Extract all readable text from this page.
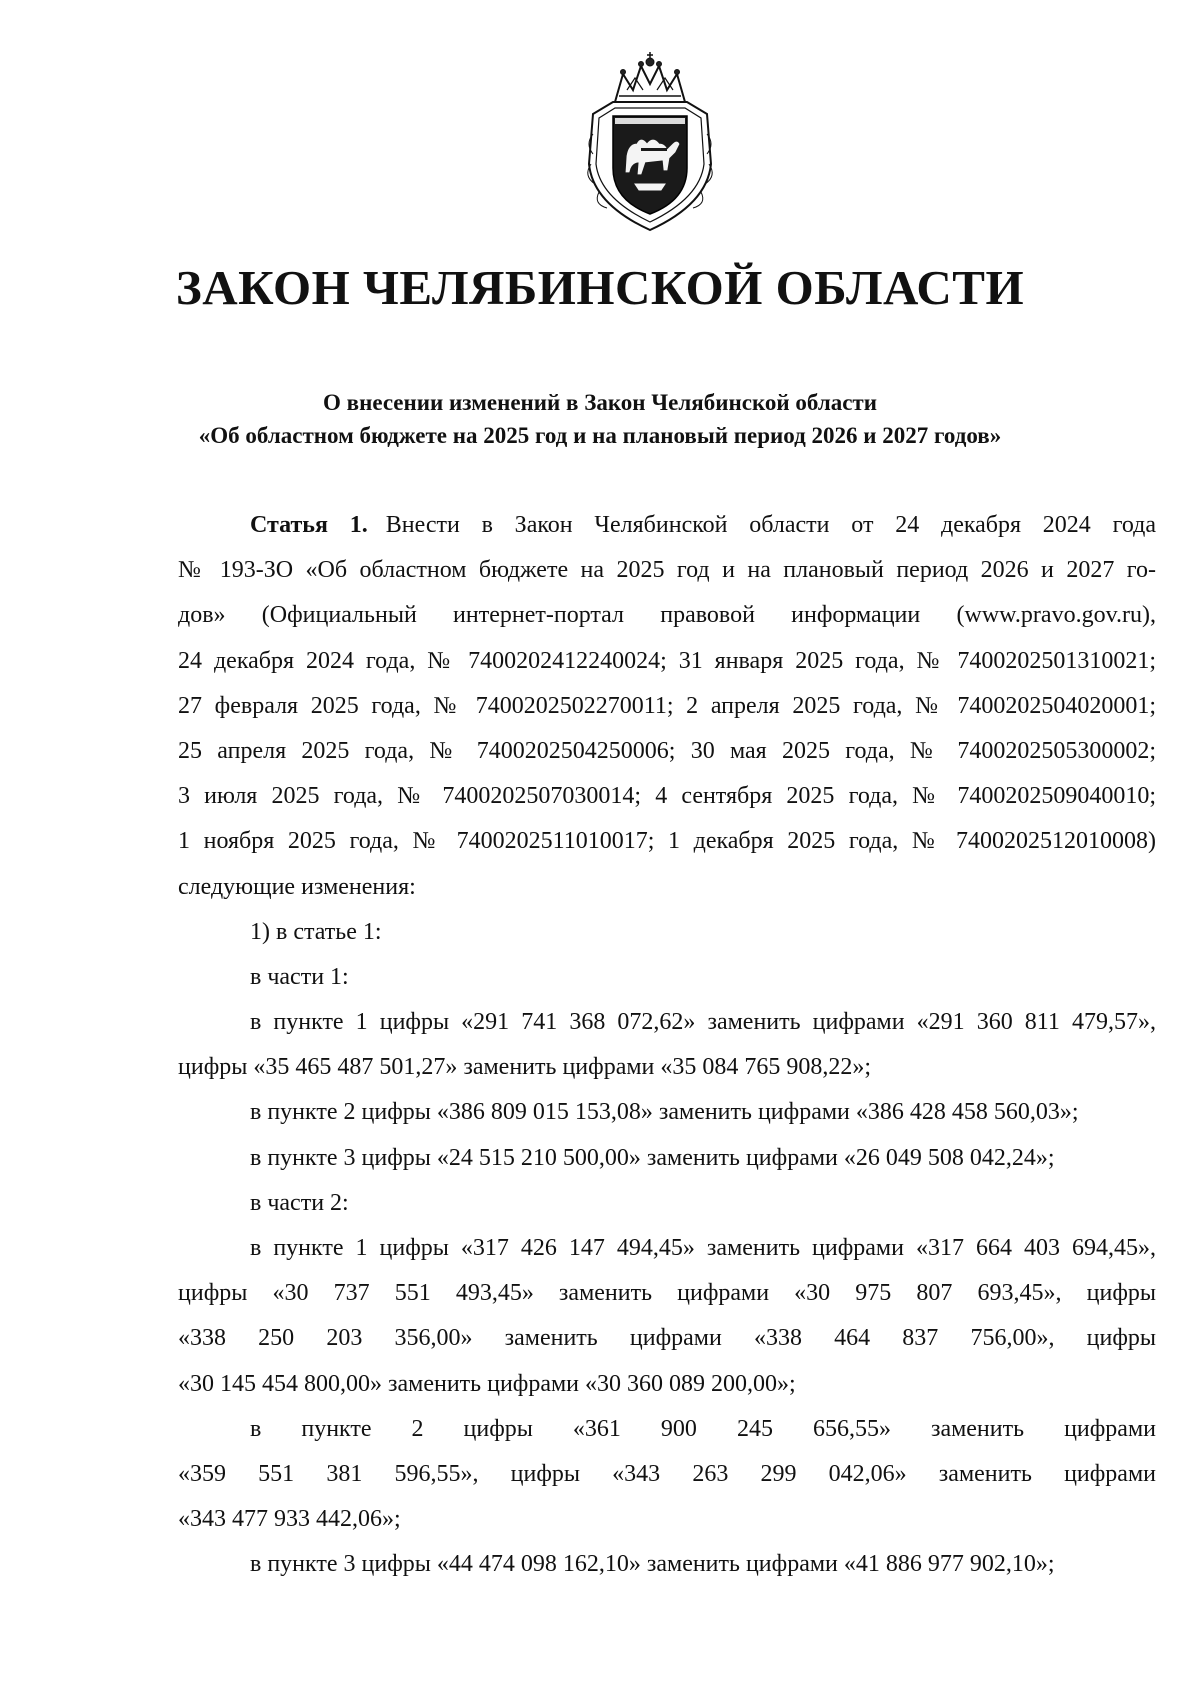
ЗАКОН ЧЕЛЯБИНСКОЙ ОБЛАСТИ
О внесении изменений в Закон Челябинской области
«Об областном бюджете на 2025 год и на плановый период 2026 и 2027 годов»
Статья 1. Внести в Закон Челябинской области от 24 декабря 2024 года
№ 193-ЗО «Об областном бюджете на 2025 год и на плановый период 2026 и 2027 го-
дов» (Официальный интернет-портал правовой информации (www.pravo.gov.ru),
24 декабря 2024 года, № 7400202412240024; 31 января 2025 года, № 7400202501310021;
27 февраля 2025 года, № 7400202502270011; 2 апреля 2025 года, № 7400202504020001;
25 апреля 2025 года, № 7400202504250006; 30 мая 2025 года, № 7400202505300002;
3 июля 2025 года, № 7400202507030014; 4 сентября 2025 года, № 7400202509040010;
1 ноября 2025 года, № 7400202511010017; 1 декабря 2025 года, № 7400202512010008)
следующие изменения:
1) в статье 1:
в части 1:
в пункте 1 цифры «291 741 368 072,62» заменить цифрами «291 360 811 479,57»,
цифры «35 465 487 501,27» заменить цифрами «35 084 765 908,22»;
в пункте 2 цифры «386 809 015 153,08» заменить цифрами «386 428 458 560,03»;
в пункте 3 цифры «24 515 210 500,00» заменить цифрами «26 049 508 042,24»;
в части 2:
в пункте 1 цифры «317 426 147 494,45» заменить цифрами «317 664 403 694,45»,
цифры «30 737 551 493,45» заменить цифрами «30 975 807 693,45», цифры
«338 250 203 356,00» заменить цифрами «338 464 837 756,00», цифры
«30 145 454 800,00» заменить цифрами «30 360 089 200,00»;
в пункте 2 цифры «361 900 245 656,55» заменить цифрами
«359 551 381 596,55», цифры «343 263 299 042,06» заменить цифрами
«343 477 933 442,06»;
в пункте 3 цифры «44 474 098 162,10» заменить цифрами «41 886 977 902,10»;
